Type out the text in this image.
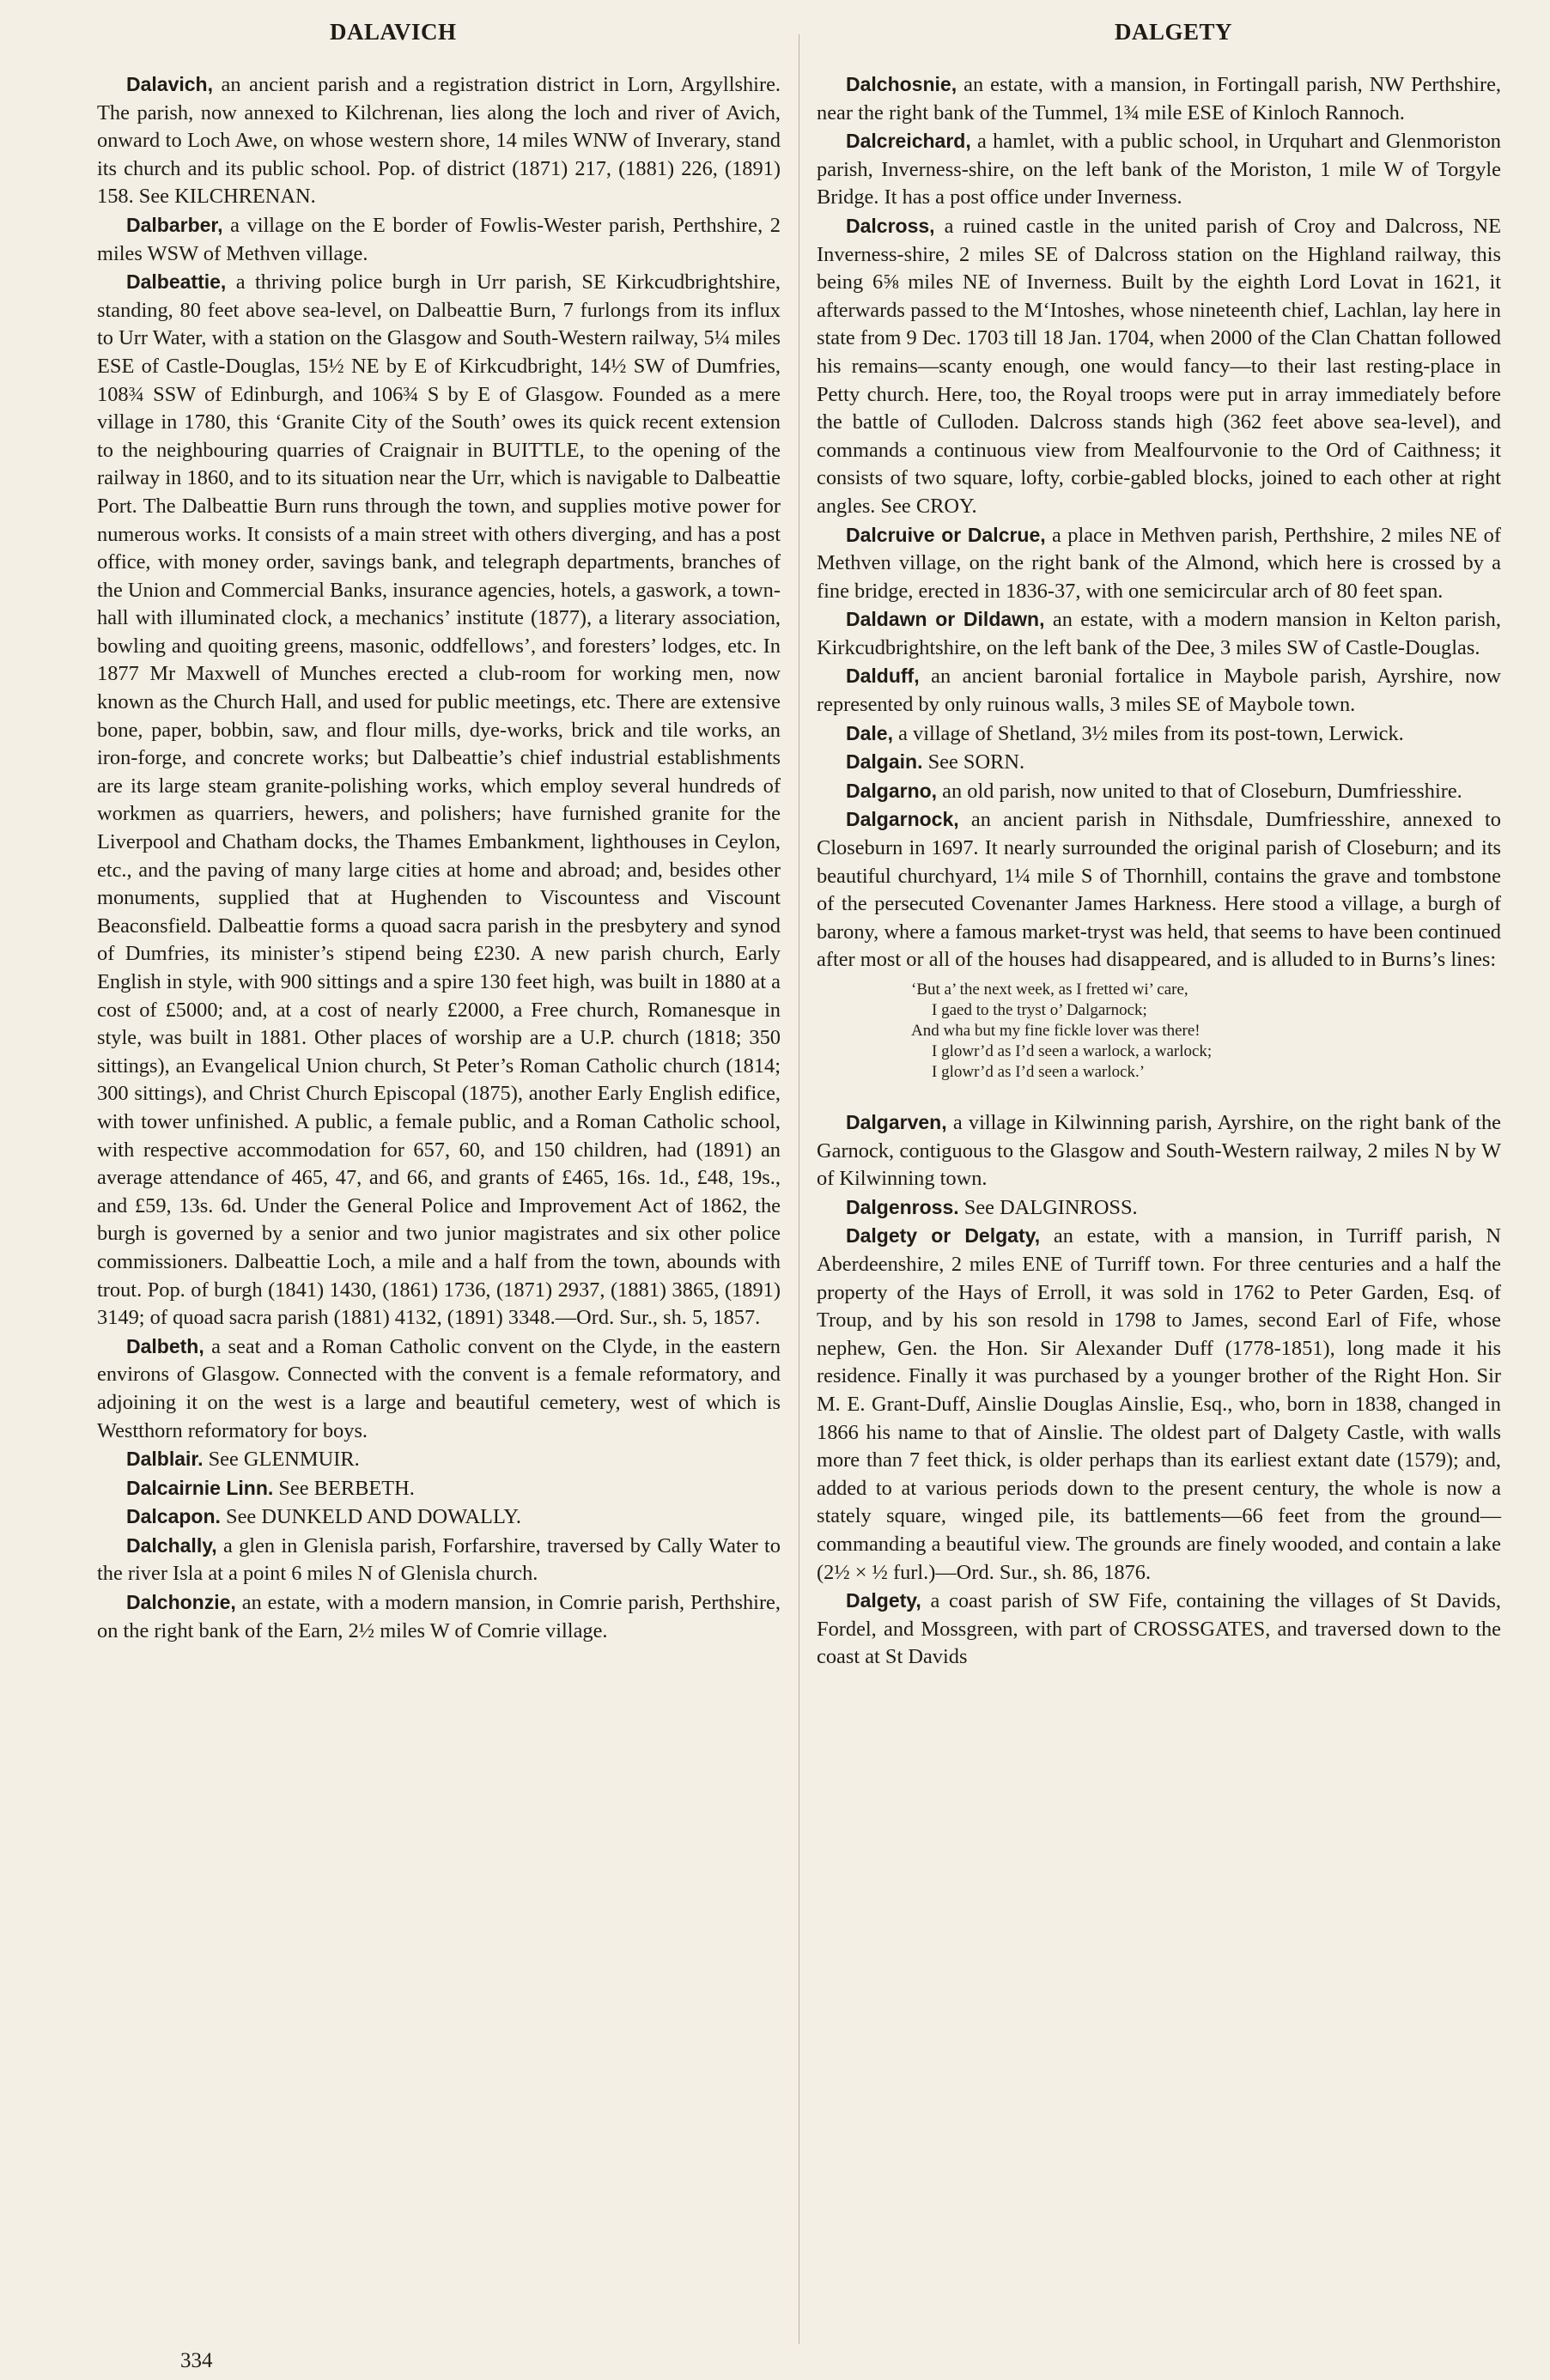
DALAVICH	DALGETY

Dalavich, an ancient parish and a registration district in Lorn, Argyllshire. The parish, now annexed to Kilchrenan, lies along the loch and river of Avich, onward to Loch Awe, on whose western shore, 14 miles WNW of Inverary, stand its church and its public school. Pop. of district (1871) 217, (1881) 226, (1891) 158. See KILCHRENAN.

Dalbarber, a village on the E border of Fowlis-Wester parish, Perthshire, 2 miles WSW of Methven village.

Dalbeattie, a thriving police burgh in Urr parish, SE Kirkcudbrightshire, standing, 80 feet above sea-level, on Dalbeattie Burn, 7 furlongs from its influx to Urr Water, with a station on the Glasgow and South-Western railway, 5¼ miles ESE of Castle-Douglas, 15½ NE by E of Kirkcudbright, 14½ SW of Dumfries, 108¾ SSW of Edinburgh, and 106¾ S by E of Glasgow. Founded as a mere village in 1780, this ‘Granite City of the South’ owes its quick recent extension to the neighbouring quarries of Craignair in BUITTLE, to the opening of the railway in 1860, and to its situation near the Urr, which is navigable to Dalbeattie Port. The Dalbeattie Burn runs through the town, and supplies motive power for numerous works. It consists of a main street with others diverging, and has a post office, with money order, savings bank, and telegraph departments, branches of the Union and Commercial Banks, insurance agencies, hotels, a gaswork, a town-hall with illuminated clock, a mechanics’ institute (1877), a literary association, bowling and quoiting greens, masonic, oddfellows’, and foresters’ lodges, etc. In 1877 Mr Maxwell of Munches erected a club-room for working men, now known as the Church Hall, and used for public meetings, etc. There are extensive bone, paper, bobbin, saw, and flour mills, dye-works, brick and tile works, an iron-forge, and concrete works; but Dalbeattie’s chief industrial establishments are its large steam granite-polishing works, which employ several hundreds of workmen as quarriers, hewers, and polishers; have furnished granite for the Liverpool and Chatham docks, the Thames Embankment, lighthouses in Ceylon, etc., and the paving of many large cities at home and abroad; and, besides other monuments, supplied that at Hughenden to Viscountess and Viscount Beaconsfield. Dalbeattie forms a quoad sacra parish in the presbytery and synod of Dumfries, its minister’s stipend being £230. A new parish church, Early English in style, with 900 sittings and a spire 130 feet high, was built in 1880 at a cost of £5000; and, at a cost of nearly £2000, a Free church, Romanesque in style, was built in 1881. Other places of worship are a U.P. church (1818; 350 sittings), an Evangelical Union church, St Peter’s Roman Catholic church (1814; 300 sittings), and Christ Church Episcopal (1875), another Early English edifice, with tower unfinished. A public, a female public, and a Roman Catholic school, with respective accommodation for 657, 60, and 150 children, had (1891) an average attendance of 465, 47, and 66, and grants of £465, 16s. 1d., £48, 19s., and £59, 13s. 6d. Under the General Police and Improvement Act of 1862, the burgh is governed by a senior and two junior magistrates and six other police commissioners. Dalbeattie Loch, a mile and a half from the town, abounds with trout. Pop. of burgh (1841) 1430, (1861) 1736, (1871) 2937, (1881) 3865, (1891) 3149; of quoad sacra parish (1881) 4132, (1891) 3348.—Ord. Sur., sh. 5, 1857.

Dalbeth, a seat and a Roman Catholic convent on the Clyde, in the eastern environs of Glasgow. Connected with the convent is a female reformatory, and adjoining it on the west is a large and beautiful cemetery, west of which is Westthorn reformatory for boys.

Dalblair. See GLENMUIR.

Dalcairnie Linn. See BERBETH.

Dalcapon. See DUNKELD AND DOWALLY.

Dalchally, a glen in Glenisla parish, Forfarshire, traversed by Cally Water to the river Isla at a point 6 miles N of Glenisla church.

Dalchonzie, an estate, with a modern mansion, in Comrie parish, Perthshire, on the right bank of the Earn, 2½ miles W of Comrie village.

Dalchosnie, an estate, with a mansion, in Fortingall parish, NW Perthshire, near the right bank of the Tummel, 1¾ mile ESE of Kinloch Rannoch.

Dalcreichard, a hamlet, with a public school, in Urquhart and Glenmoriston parish, Inverness-shire, on the left bank of the Moriston, 1 mile W of Torgyle Bridge. It has a post office under Inverness.

Dalcross, a ruined castle in the united parish of Croy and Dalcross, NE Inverness-shire, 2 miles SE of Dalcross station on the Highland railway, this being 6⅝ miles NE of Inverness. Built by the eighth Lord Lovat in 1621, it afterwards passed to the M‘Intoshes, whose nineteenth chief, Lachlan, lay here in state from 9 Dec. 1703 till 18 Jan. 1704, when 2000 of the Clan Chattan followed his remains—scanty enough, one would fancy—to their last resting-place in Petty church. Here, too, the Royal troops were put in array immediately before the battle of Culloden. Dalcross stands high (362 feet above sea-level), and commands a continuous view from Mealfourvonie to the Ord of Caithness; it consists of two square, lofty, corbie-gabled blocks, joined to each other at right angles. See CROY.

Dalcruive or Dalcrue, a place in Methven parish, Perthshire, 2 miles NE of Methven village, on the right bank of the Almond, which here is crossed by a fine bridge, erected in 1836-37, with one semicircular arch of 80 feet span.

Daldawn or Dildawn, an estate, with a modern mansion in Kelton parish, Kirkcudbrightshire, on the left bank of the Dee, 3 miles SW of Castle-Douglas.

Dalduff, an ancient baronial fortalice in Maybole parish, Ayrshire, now represented by only ruinous walls, 3 miles SE of Maybole town.

Dale, a village of Shetland, 3½ miles from its post-town, Lerwick.

Dalgain. See SORN.

Dalgarno, an old parish, now united to that of Closeburn, Dumfriesshire.

Dalgarnock, an ancient parish in Nithsdale, Dumfriesshire, annexed to Closeburn in 1697. It nearly surrounded the original parish of Closeburn; and its beautiful churchyard, 1¼ mile S of Thornhill, contains the grave and tombstone of the persecuted Covenanter James Harkness. Here stood a village, a burgh of barony, where a famous market-tryst was held, that seems to have been continued after most or all of the houses had disappeared, and is alluded to in Burns’s lines:

‘But a’ the next week, as I fretted wi’ care,
I gaed to the tryst o’ Dalgarnock;
And wha but my fine fickle lover was there!
I glowr’d as I’d seen a warlock, a warlock;
I glowr’d as I’d seen a warlock.’

Dalgarven, a village in Kilwinning parish, Ayrshire, on the right bank of the Garnock, contiguous to the Glasgow and South-Western railway, 2 miles N by W of Kilwinning town.

Dalgenross. See DALGINROSS.

Dalgety or Delgaty, an estate, with a mansion, in Turriff parish, N Aberdeenshire, 2 miles ENE of Turriff town. For three centuries and a half the property of the Hays of Erroll, it was sold in 1762 to Peter Garden, Esq. of Troup, and by his son resold in 1798 to James, second Earl of Fife, whose nephew, Gen. the Hon. Sir Alexander Duff (1778-1851), long made it his residence. Finally it was purchased by a younger brother of the Right Hon. Sir M. E. Grant-Duff, Ainslie Douglas Ainslie, Esq., who, born in 1838, changed in 1866 his name to that of Ainslie. The oldest part of Dalgety Castle, with walls more than 7 feet thick, is older perhaps than its earliest extant date (1579); and, added to at various periods down to the present century, the whole is now a stately square, winged pile, its battlements—66 feet from the ground—commanding a beautiful view. The grounds are finely wooded, and contain a lake (2½ × ½ furl.)—Ord. Sur., sh. 86, 1876.

Dalgety, a coast parish of SW Fife, containing the villages of St Davids, Fordel, and Mossgreen, with part of CROSSGATES, and traversed down to the coast at St Davids

334
